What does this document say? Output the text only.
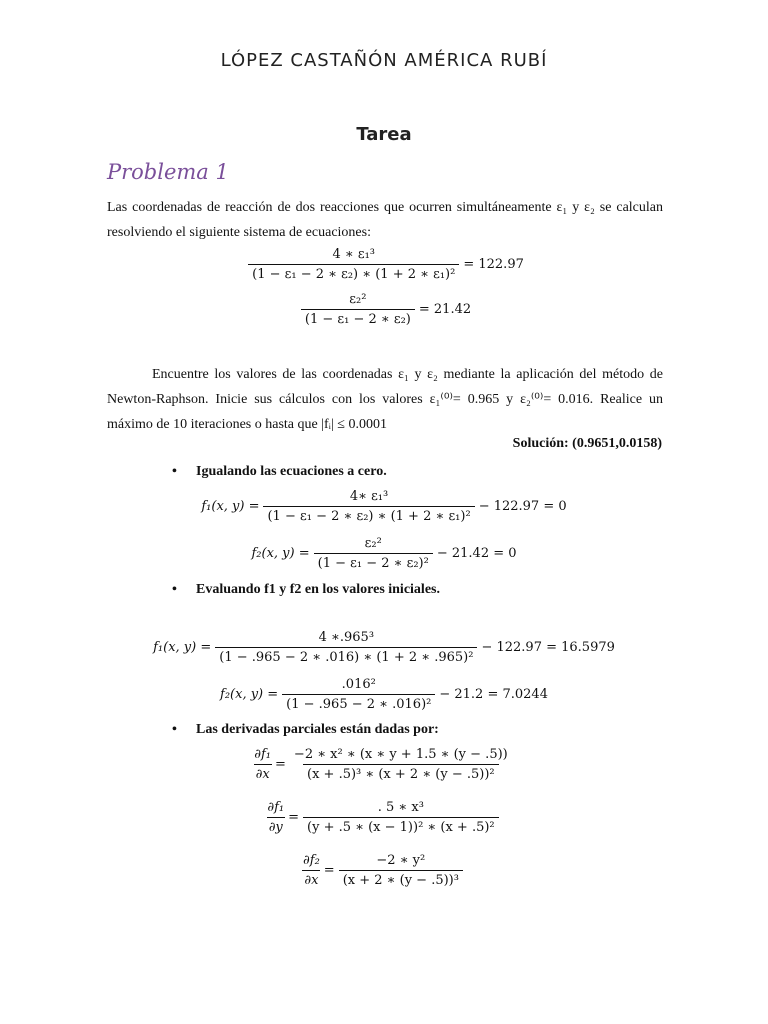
LÓPEZ CASTAÑÓN AMÉRICA RUBÍ
Tarea
Problema 1
Las coordenadas de reacción de dos reacciones que ocurren simultáneamente ε₁ y ε₂ se calculan resolviendo el siguiente sistema de ecuaciones:
$\frac{\text{4 ∗ ε₁³}}{\text{(1 − ε₁ − 2 ∗ ε₂) ∗ (1 + 2 ∗ ε₁)²}} = 122.97$
$\frac{\text{ε₂²}}{\text{(1 − ε₁ − 2 ∗ ε₂)}} = 21.42$
Encuentre los valores de las coordenadas ε₁ y ε₂ mediante la aplicación del método de Newton-Raphson. Inicie sus cálculos con los valores ε₁⁽⁰⁾= 0.965 y ε₂⁽⁰⁾= 0.016. Realice un máximo de 10 iteraciones o hasta que |fᵢ| ≤ 0.0001
Solución: (0.9651,0.0158)
• Igualando las ecuaciones a cero.
f₁(x, $y) = \frac{\text{4∗ ε₁³}}{\text{(1 − ε₁ − 2 ∗ ε₂) ∗ (1 + 2 ∗ ε₁)²}} - 122.97 = 0$
f₂(x, $y) = \frac{\text{ε₂²}}{\text{(1 − ε₁ − 2 ∗ ε₂)²}} - 21.42 = 0$
• Evaluando f1 y f2 en los valores iniciales.
f₁(x, $y) = \frac{\text{4 ∗.965³}}{\text{(1 − .965 − 2 ∗ .016) ∗ (1 + 2 ∗ .965)²}} - 122.97 = 16.5979$
f₂(x, $y) = \frac{\text{.016²}}{\text{(1 − .965 − 2 ∗ .016)²}} - 21.2 = 7.0244$
• Las derivadas parciales están dadas por:
$\frac{\text{∂f₁}}{\partial x} = \frac{\text{−2 ∗ x² ∗ (x ∗ y + 1.5 ∗ (y − .5))}}{\text{(x + .5)³ ∗ (x + 2 ∗ (y − .5))²}}$
$\frac{\text{∂f₁}}{\partial y} = \frac{\text{. 5 ∗ x³}}{\text{(y + .5 ∗ (x − 1))² ∗ (x + .5)²}}$
$\frac{\text{∂f₂}}{\partial x} = \frac{\text{−2 ∗ y²}}{\text{(x + 2 ∗ (y − .5))³}}$
